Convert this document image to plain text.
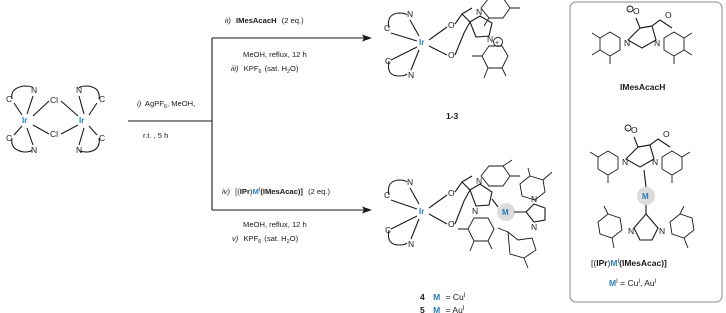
Ir	Ir
Cl
Cl
C
N
C
N
C
N
C
N
i) AgPF$_6$, MeOH,
r.t. , 5 h
ii) IMesAcacH (2 eq.)
MeOH, reflux, 12 h
iii) $KPF_6$ (sat. $H_2O$)
iv) $[(IPr)M^I(IMesAcac)]$ (2 eq.)
MeOH, reflux, 12 h
v) $KPF_6$ (sat. $H_2O$)
Ir
C
N
C
N
O
O
N
N +
1-3
Ir
C
N
C
N
O
O
N
N	M
N
N
4 $M = Cu^I$
5 $M = Au^I$
O
−	O
N	N
IMesAcacH
O
−	O
N	N
M
N	N
$[(IPr)M^I(IMesAcac)]$
$M^I = Cu^I$, $Au^I$
